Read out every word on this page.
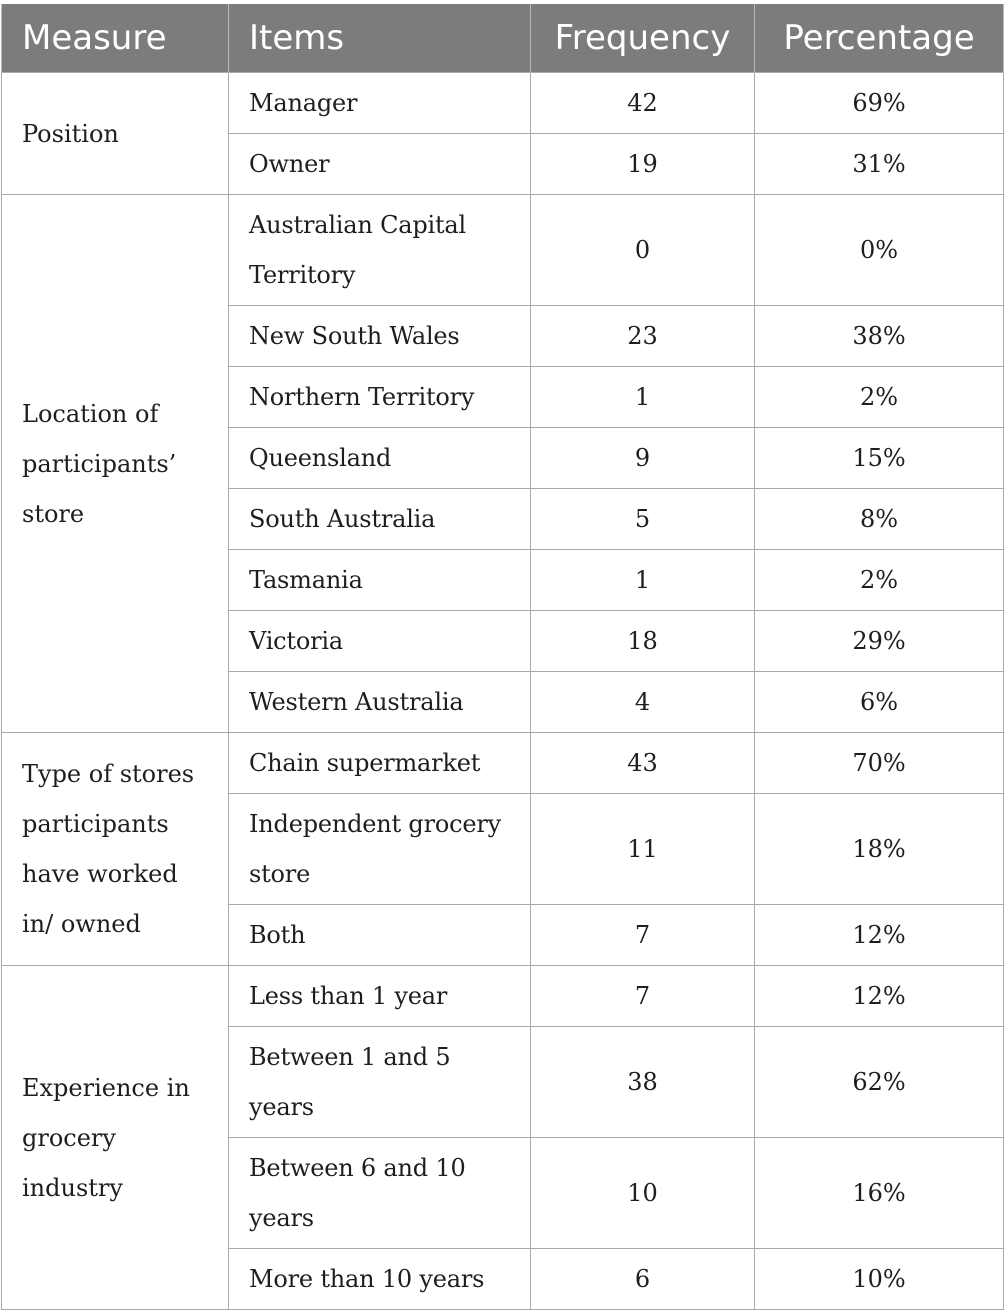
Measure	Items	Frequency	Percentage
Position	Manager	42	69%
	Owner	19	31%
Location of participants’ store	Australian Capital Territory	0	0%
	New South Wales	23	38%
	Northern Territory	1	2%
	Queensland	9	15%
	South Australia	5	8%
	Tasmania	1	2%
	Victoria	18	29%
	Western Australia	4	6%
Type of stores participants have worked in/ owned	Chain supermarket	43	70%
	Independent grocery store	11	18%
	Both	7	12%
Experience in grocery industry	Less than 1 year	7	12%
	Between 1 and 5 years	38	62%
	Between 6 and 10 years	10	16%
	More than 10 years	6	10%
